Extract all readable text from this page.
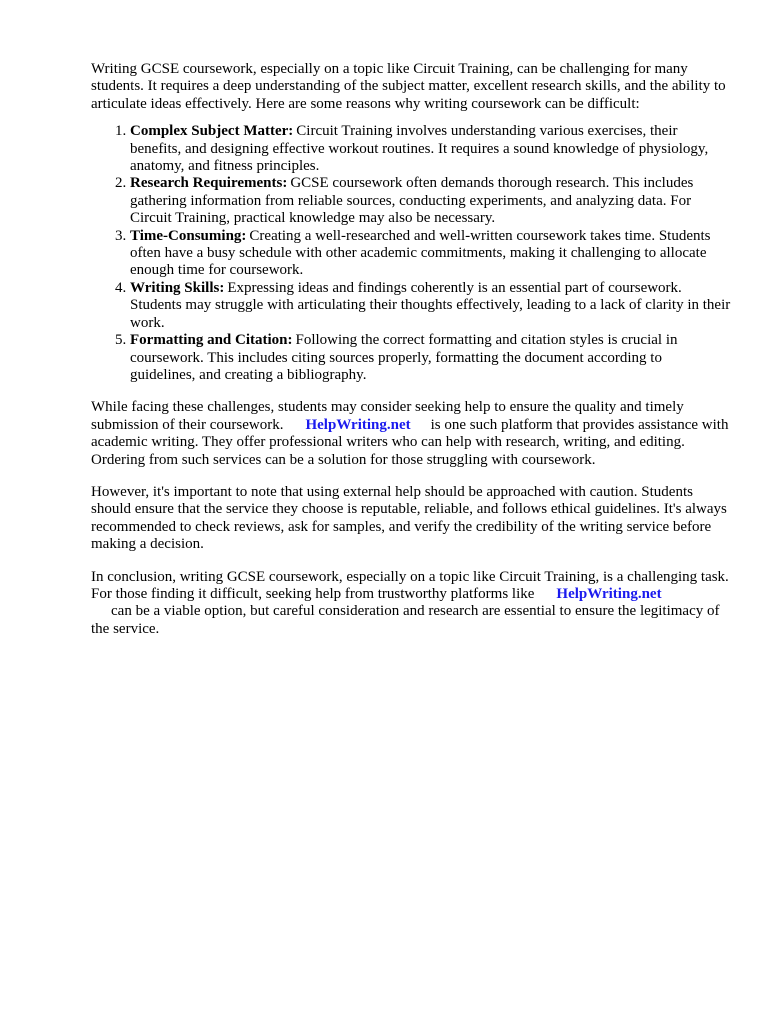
Writing GCSE coursework, especially on a topic like Circuit Training, can be challenging for many students. It requires a deep understanding of the subject matter, excellent research skills, and the ability to articulate ideas effectively. Here are some reasons why writing coursework can be difficult:

1. Complex Subject Matter: Circuit Training involves understanding various exercises, their benefits, and designing effective workout routines. It requires a sound knowledge of physiology, anatomy, and fitness principles.
2. Research Requirements: GCSE coursework often demands thorough research. This includes gathering information from reliable sources, conducting experiments, and analyzing data. For Circuit Training, practical knowledge may also be necessary.
3. Time-Consuming: Creating a well-researched and well-written coursework takes time. Students often have a busy schedule with other academic commitments, making it challenging to allocate enough time for coursework.
4. Writing Skills: Expressing ideas and findings coherently is an essential part of coursework. Students may struggle with articulating their thoughts effectively, leading to a lack of clarity in their work.
5. Formatting and Citation: Following the correct formatting and citation styles is crucial in coursework. This includes citing sources properly, formatting the document according to guidelines, and creating a bibliography.

While facing these challenges, students may consider seeking help to ensure the quality and timely submission of their coursework. HelpWriting.net is one such platform that provides assistance with academic writing. They offer professional writers who can help with research, writing, and editing. Ordering from such services can be a solution for those struggling with coursework.

However, it's important to note that using external help should be approached with caution. Students should ensure that the service they choose is reputable, reliable, and follows ethical guidelines. It's always recommended to check reviews, ask for samples, and verify the credibility of the writing service before making a decision.

In conclusion, writing GCSE coursework, especially on a topic like Circuit Training, is a challenging task. For those finding it difficult, seeking help from trustworthy platforms like HelpWriting.net
can be a viable option, but careful consideration and research are essential to ensure the legitimacy of the service.
